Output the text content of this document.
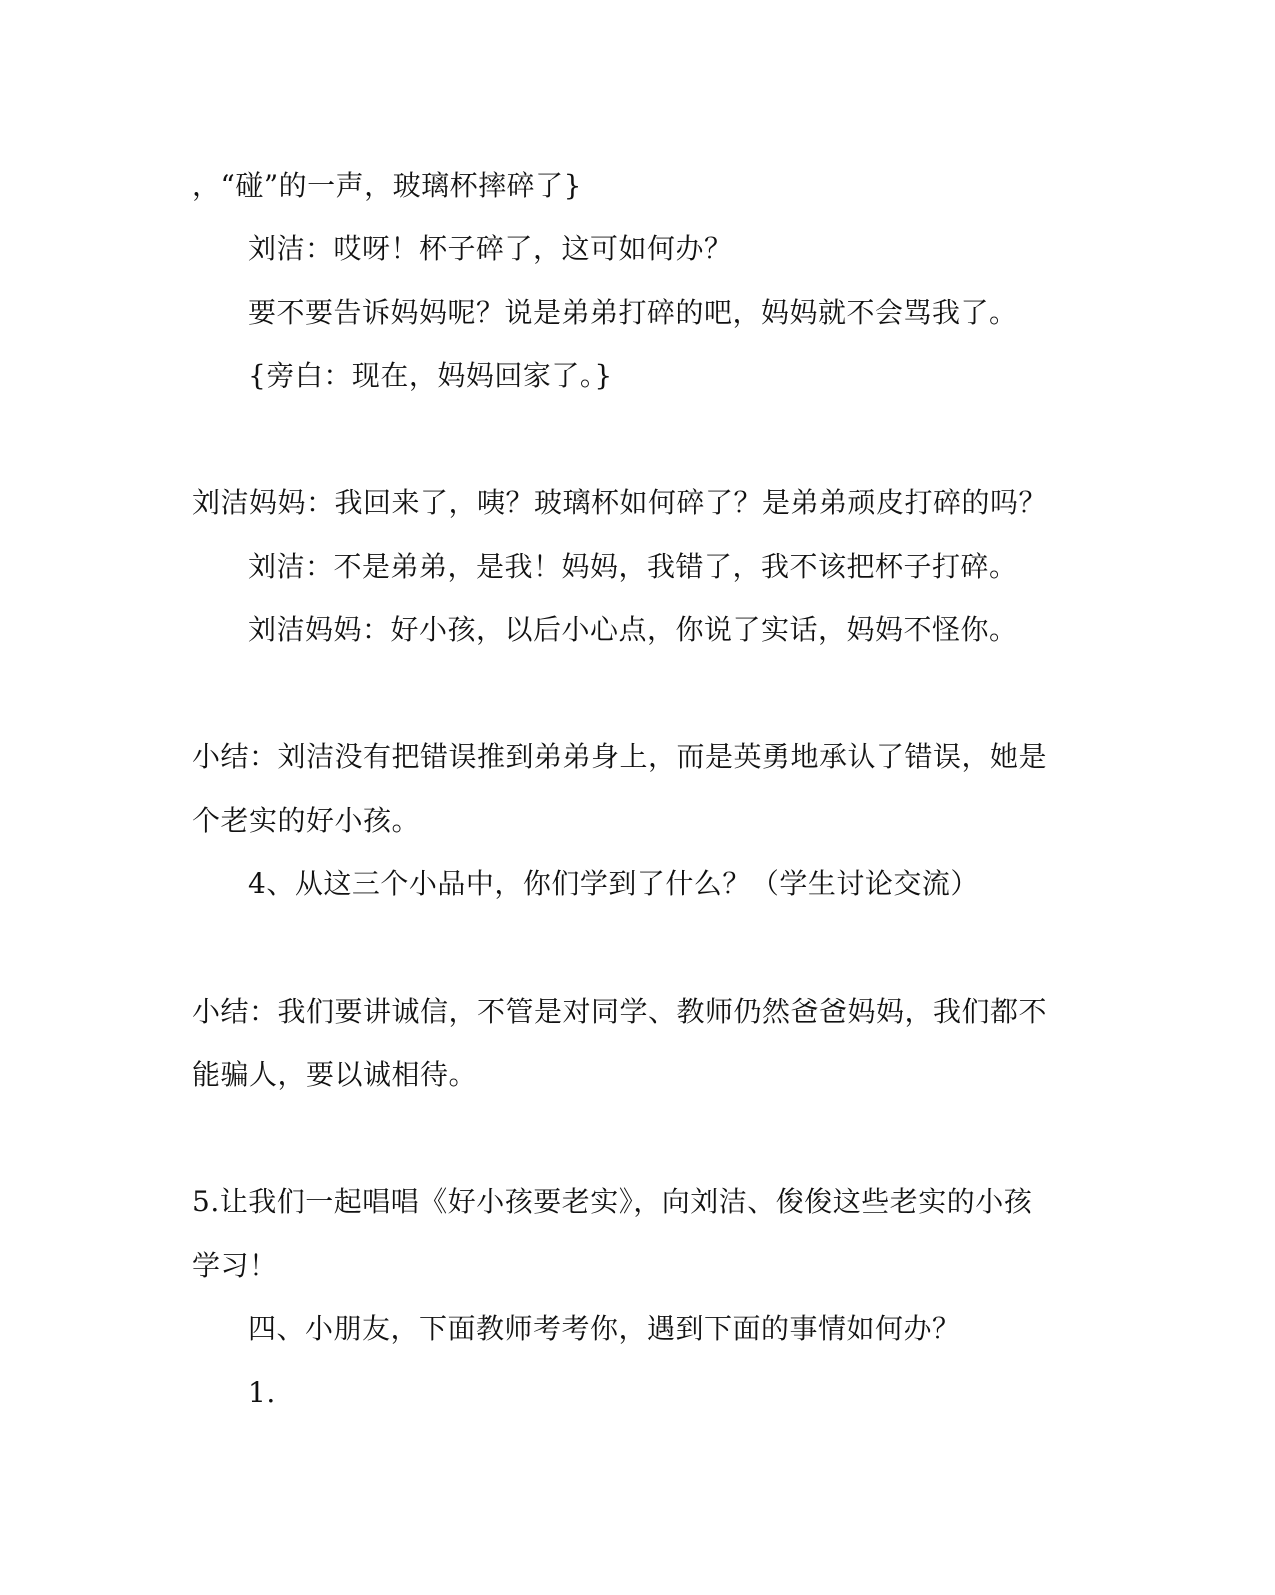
，“碰”的一声，玻璃杯摔碎了}
刘洁：哎呀！杯子碎了，这可如何办？
要不要告诉妈妈呢？说是弟弟打碎的吧，妈妈就不会骂我了。
{旁白：现在，妈妈回家了。}
刘洁妈妈：我回来了，咦？玻璃杯如何碎了？是弟弟顽皮打碎的吗？
刘洁：不是弟弟，是我！妈妈，我错了，我不该把杯子打碎。
刘洁妈妈：好小孩，以后小心点，你说了实话，妈妈不怪你。
小结：刘洁没有把错误推到弟弟身上，而是英勇地承认了错误，她是
个老实的好小孩。
4、从这三个小品中，你们学到了什么？（学生讨论交流）
小结：我们要讲诚信，不管是对同学、教师仍然爸爸妈妈，我们都不
能骗人，要以诚相待。
5.让我们一起唱唱《好小孩要老实》，向刘洁、俊俊这些老实的小孩
学习！
四、小朋友，下面教师考考你，遇到下面的事情如何办？
1.
